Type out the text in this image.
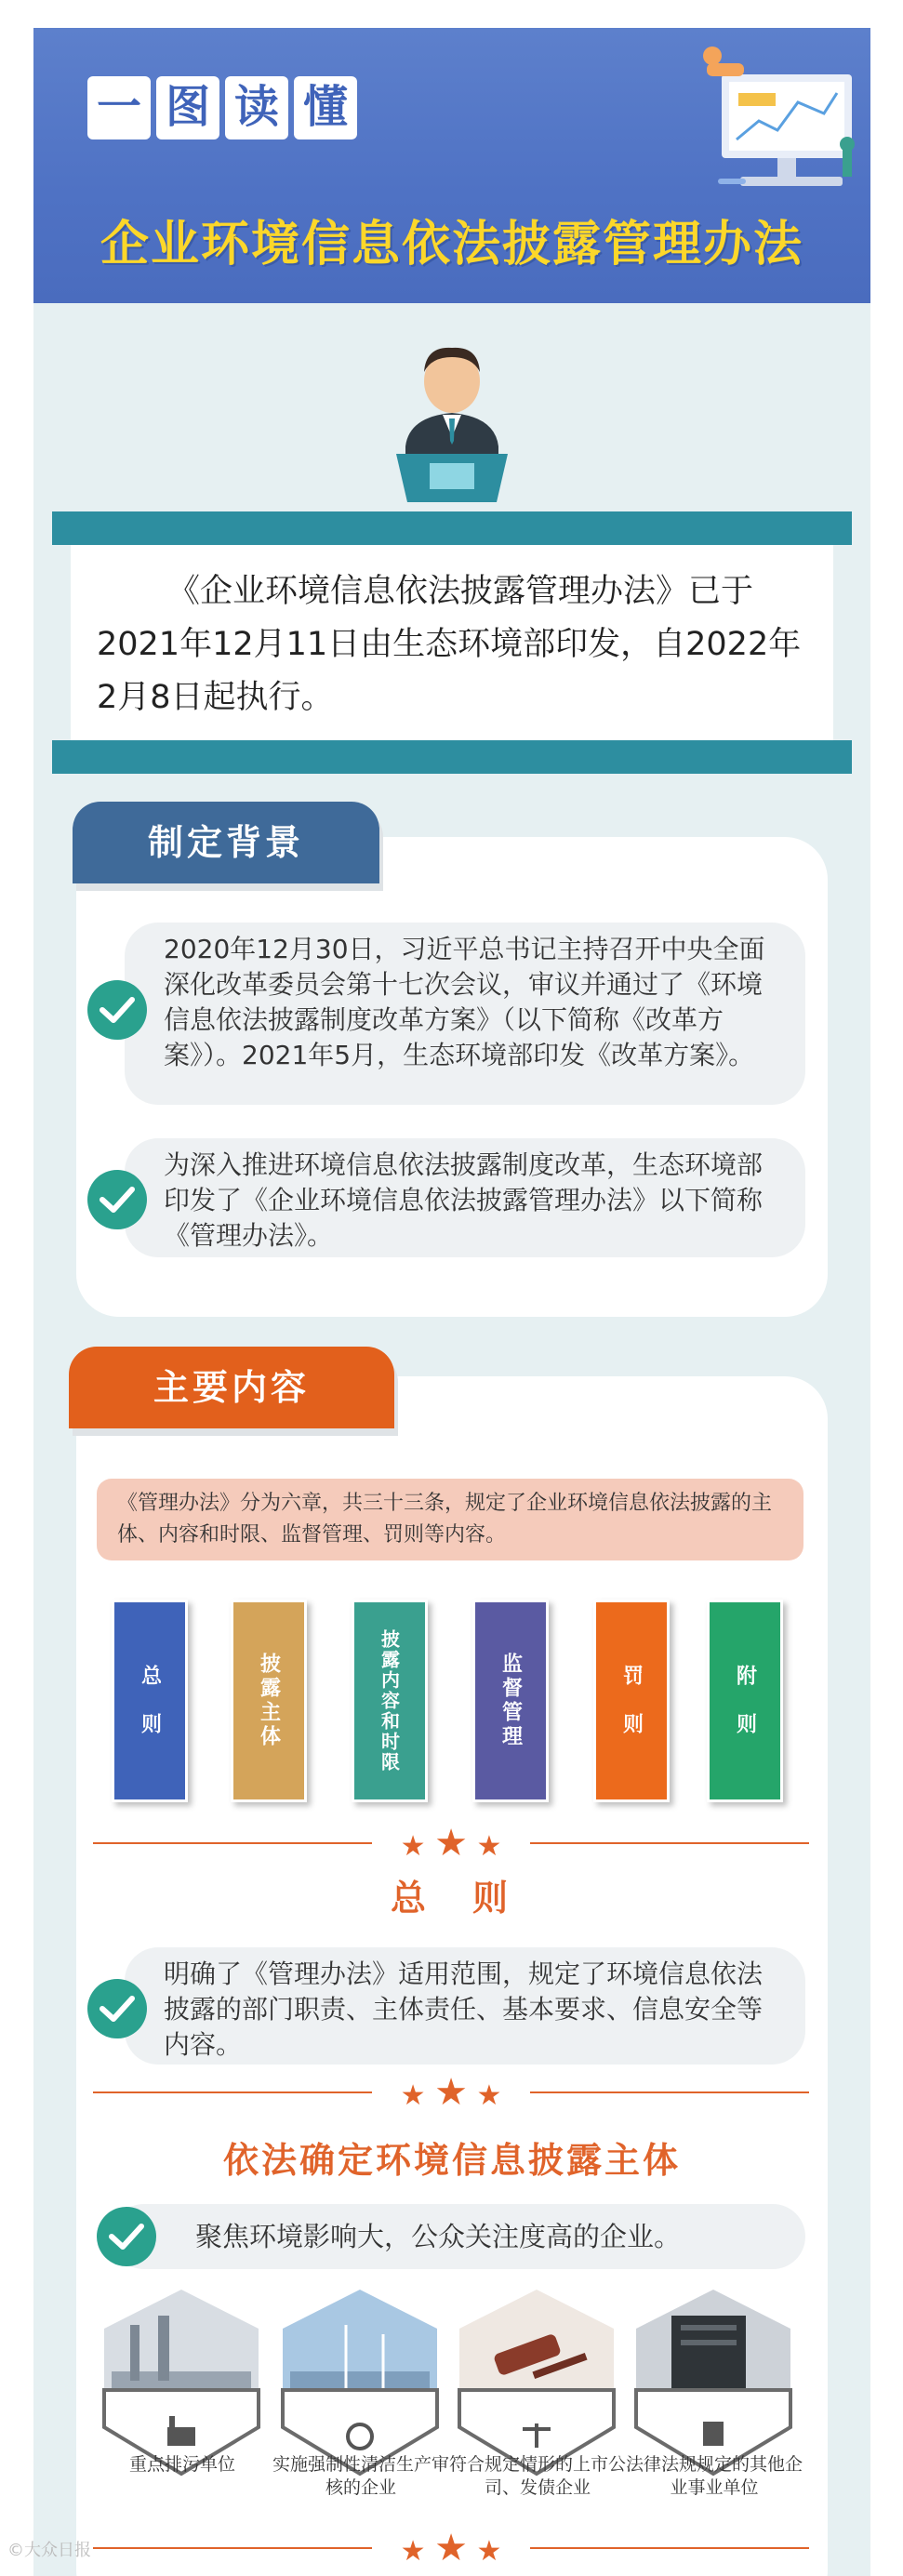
一 图 读 懂
企业环境信息依法披露管理办法

《企业环境信息依法披露管理办法》已于2021年12月11日由生态环境部印发，自2022年2月8日起执行。

制定背景

2020年12月30日，习近平总书记主持召开中央全面深化改革委员会第十七次会议，审议并通过了《环境信息依法披露制度改革方案》（以下简称《改革方案》）。2021年5月，生态环境部印发《改革方案》。

为深入推进环境信息依法披露制度改革，生态环境部印发了《企业环境信息依法披露管理办法》以下简称《管理办法》。

主要内容
《管理办法》分为六章，共三十三条，规定了企业环境信息依法披露的主体、内容和时限、监督管理、罚则等内容。
总　则	披露主体	披露内容和时限	监督管理	罚　则	附　则
★ ★ ★
总　则

明确了《管理办法》适用范围，规定了环境信息依法披露的部门职责、主体责任、基本要求、信息安全等内容。

★ ★ ★
依法确定环境信息披露主体

聚焦环境影响大，公众关注度高的企业。

重点排污单位	实施强制性清洁生产审核的企业
符合规定情形的上市公司、发债企业
法律法规规定的其他企业事业单位
★ ★ ★
©大众日报
